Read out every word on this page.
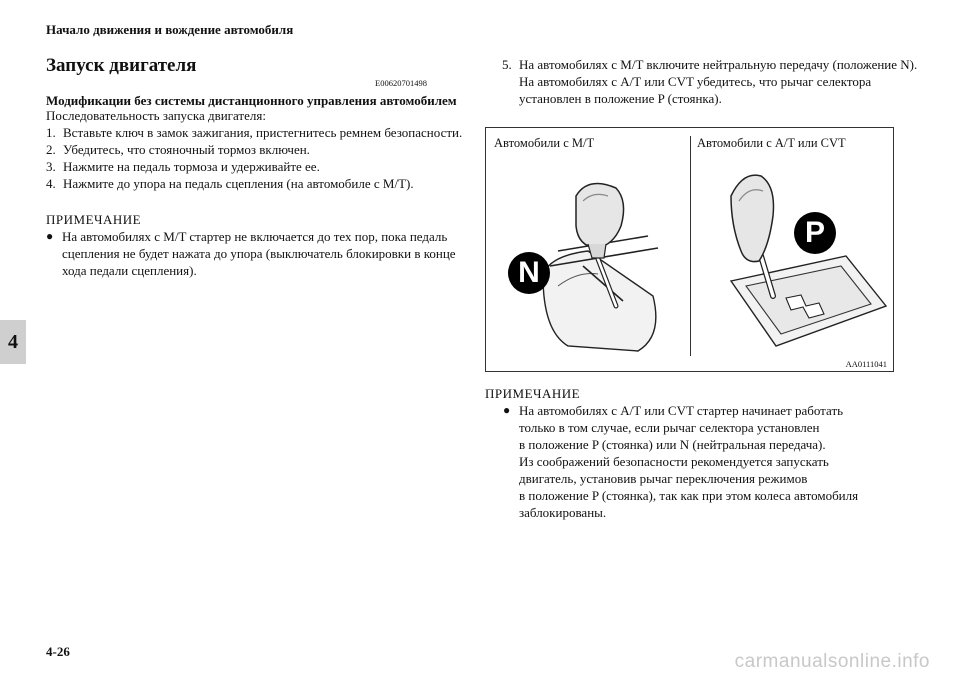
Начало движения и вождение автомобиля
Запуск двигателя
E00620701498
Модификации без системы дистанционного управления автомобилем
Последовательность запуска двигателя:
1. Вставьте ключ в замок зажигания, пристегнитесь ремнем безопасности.
2. Убедитесь, что стояночный тормоз включен.
3. Нажмите на педаль тормоза и удерживайте ее.
4. Нажмите до упора на педаль сцепления (на автомобиле с M/T).
ПРИМЕЧАНИЕ
● На автомобилях с M/T стартер не включается до тех пор, пока педаль сцепления не будет нажата до упора (выключатель блокировки в конце хода педали сцепления).
4
5. На автомобилях с M/T включите нейтральную передачу (положение N).
На автомобилях с A/T или CVT убедитесь, что рычаг селектора установлен в положение P (стоянка).
Автомобили с M/T	Автомобили с A/T или CVT
N
P
AA0111041
ПРИМЕЧАНИЕ
● На автомобилях с A/T или CVT стартер начинает работать
только в том случае, если рычаг селектора установлен
в положение P (стоянка) или N (нейтральная передача).
Из соображений безопасности рекомендуется запускать
двигатель, установив рычаг переключения режимов
в положение P (стоянка), так как при этом колеса автомобиля
заблокированы.
4-26	carmanualsonline.info
